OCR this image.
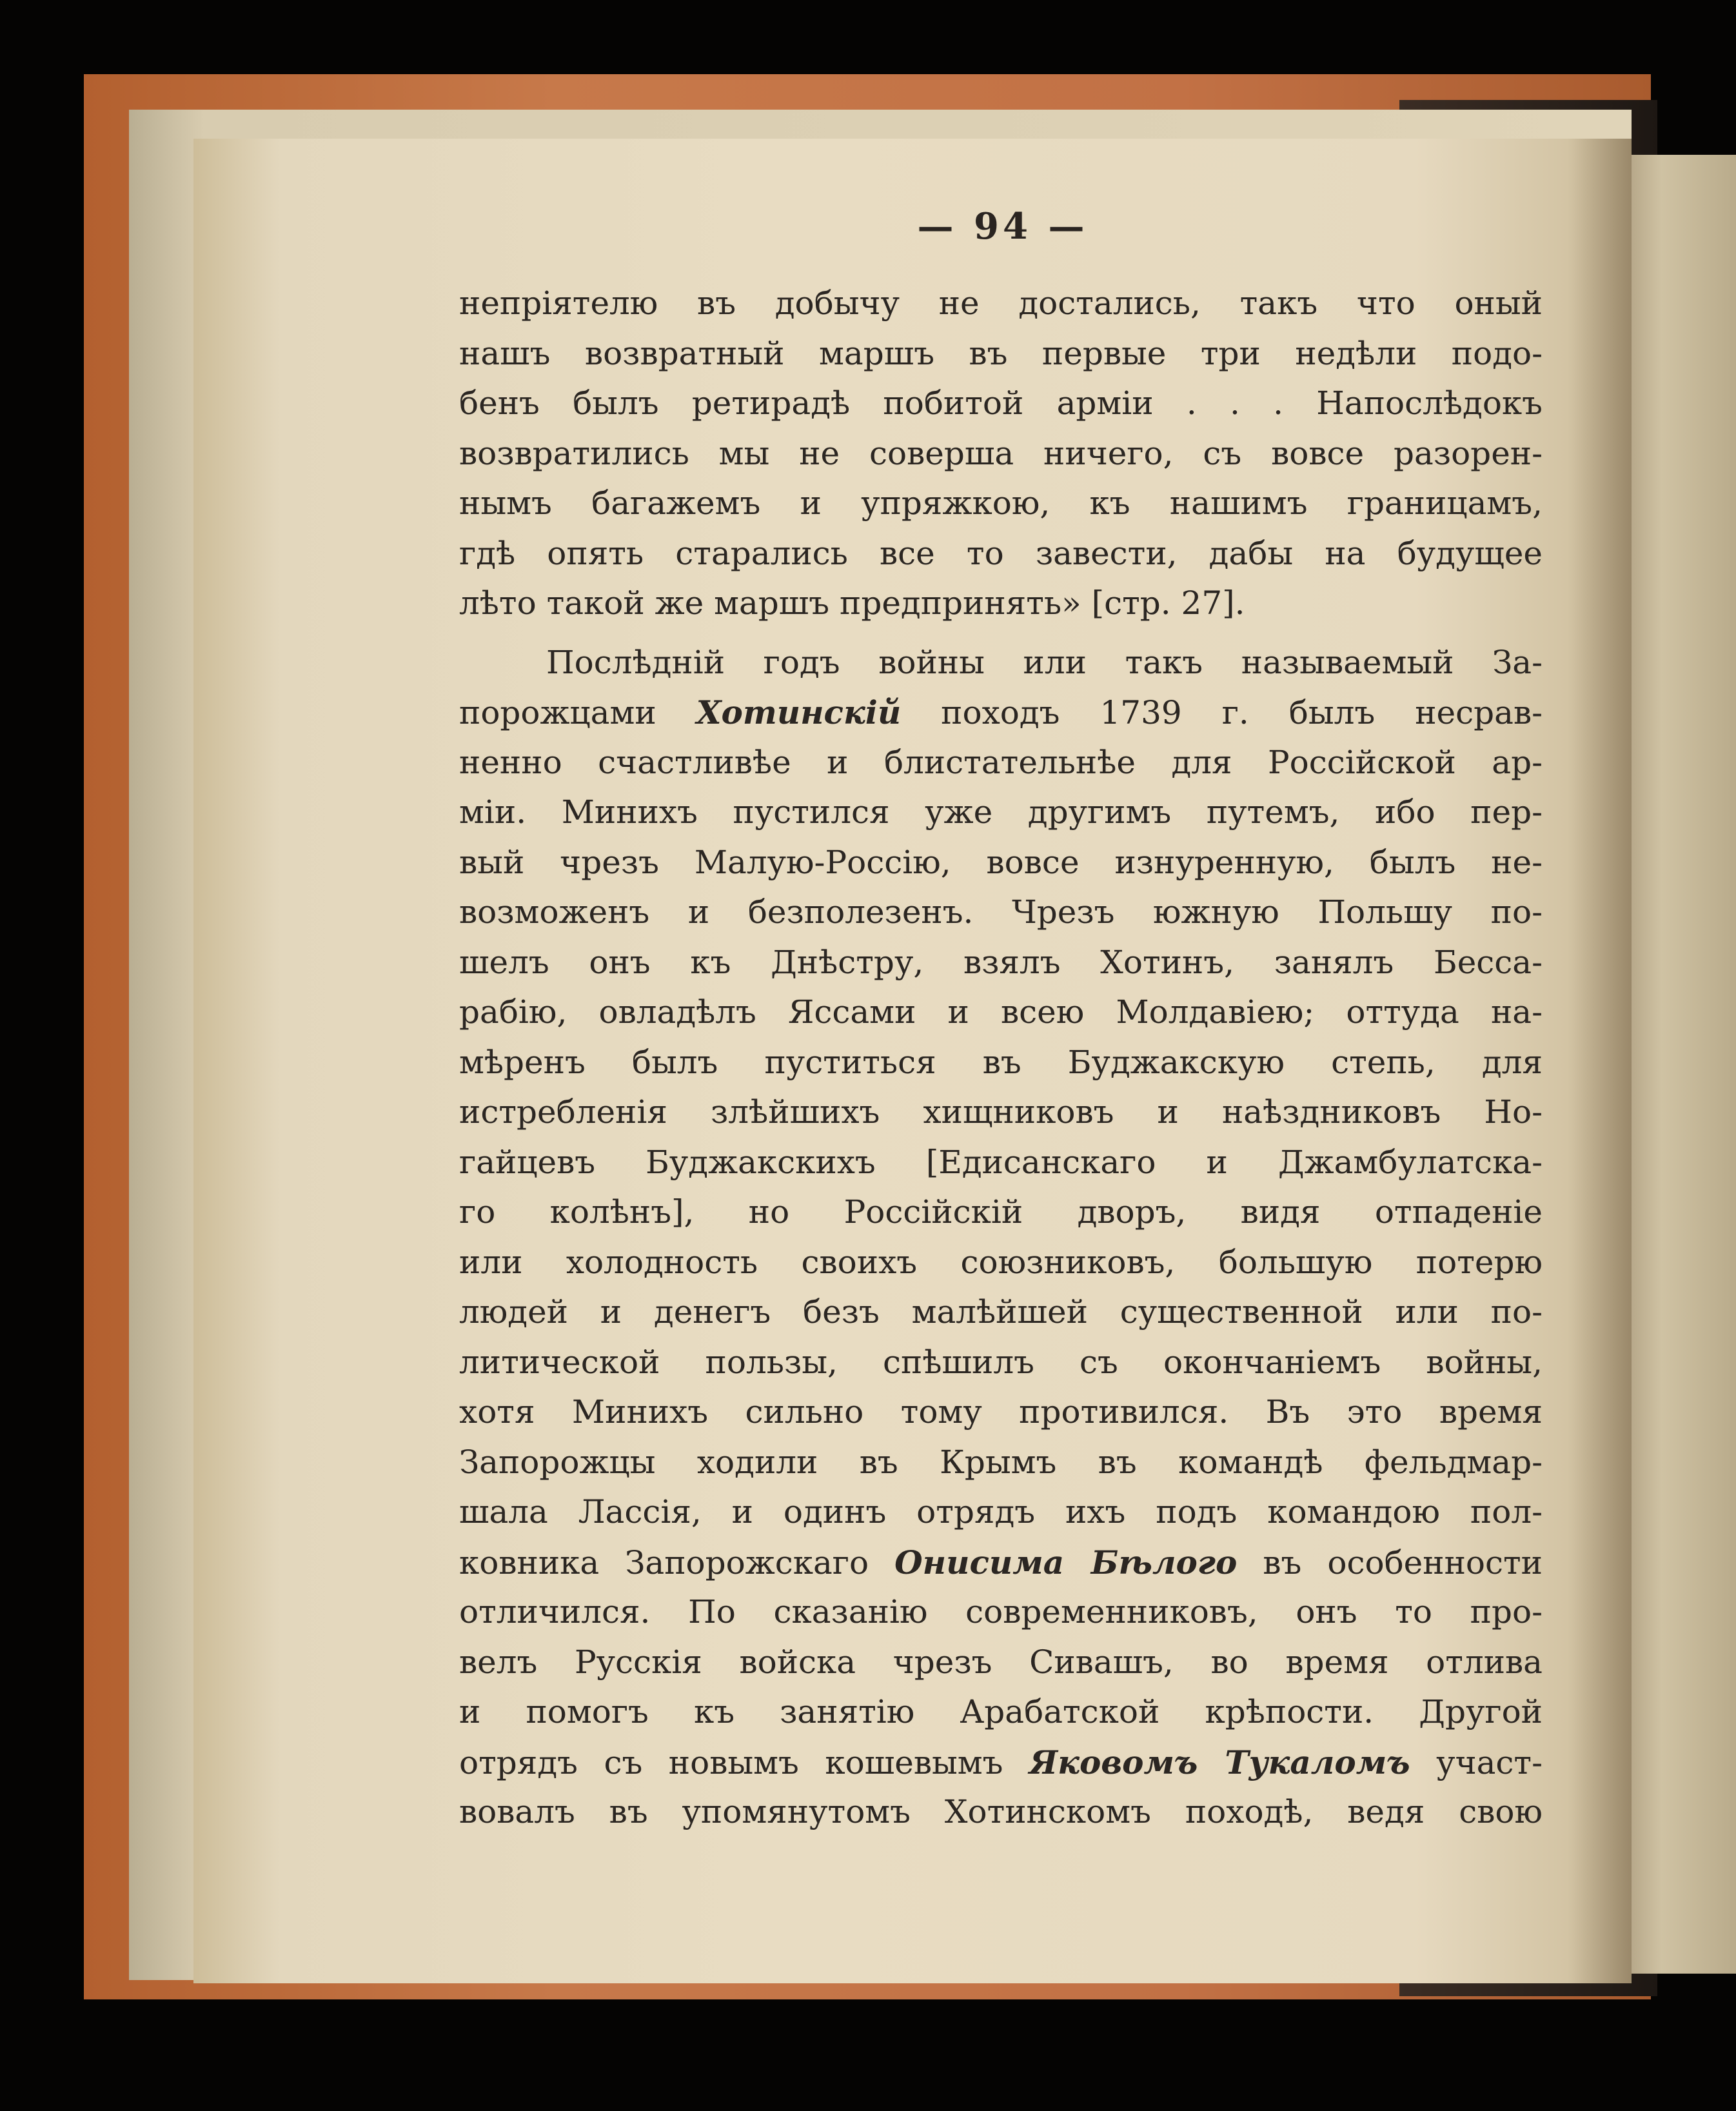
— 94 —
непріятелю въ добычу не достались, такъ что оный
нашъ возвратный маршъ въ первые три недѣли подо-
бенъ былъ ретирадѣ побитой арміи . . . Напослѣдокъ
возвратились мы не соверша ничего, съ вовсе разорен-
нымъ багажемъ и упряжкою, къ нашимъ границамъ,
гдѣ опять старались все то завести, дабы на будущее
лѣто такой же маршъ предпринять» [стр. 27].
Послѣдній годъ войны или такъ называемый За-
порожцами Хотинскій походъ 1739 г. былъ несрав-
ненно счастливѣе и блистательнѣе для Россійской ар-
міи. Минихъ пустился уже другимъ путемъ, ибо пер-
вый чрезъ Малую-Россію, вовсе изнуренную, былъ не-
возможенъ и безполезенъ. Чрезъ южную Польшу по-
шелъ онъ къ Днѣстру, взялъ Хотинъ, занялъ Бесса-
рабію, овладѣлъ Яссами и всею Молдавіею; оттуда на-
мѣренъ былъ пуститься въ Буджакскую степь, для
истребленія злѣйшихъ хищниковъ и наѣздниковъ Но-
гайцевъ Буджакскихъ [Едисанскаго и Джамбулатска-
го колѣнъ], но Россійскій дворъ, видя отпаденіе
или холодность своихъ союзниковъ, большую потерю
людей и денегъ безъ малѣйшей существенной или по-
литической пользы, спѣшилъ съ окончаніемъ войны,
хотя Минихъ сильно тому противился. Въ это время
Запорожцы ходили въ Крымъ въ командѣ фельдмар-
шала Лассія, и одинъ отрядъ ихъ подъ командою пол-
ковника Запорожскаго Онисима Бѣлого въ особенности
отличился. По сказанію современниковъ, онъ то про-
велъ Русскія войска чрезъ Сивашъ, во время отлива
и помогъ къ занятію Арабатской крѣпости. Другой
отрядъ съ новымъ кошевымъ Яковомъ Тукаломъ участ-
вовалъ въ упомянутомъ Хотинскомъ походѣ, ведя свою
